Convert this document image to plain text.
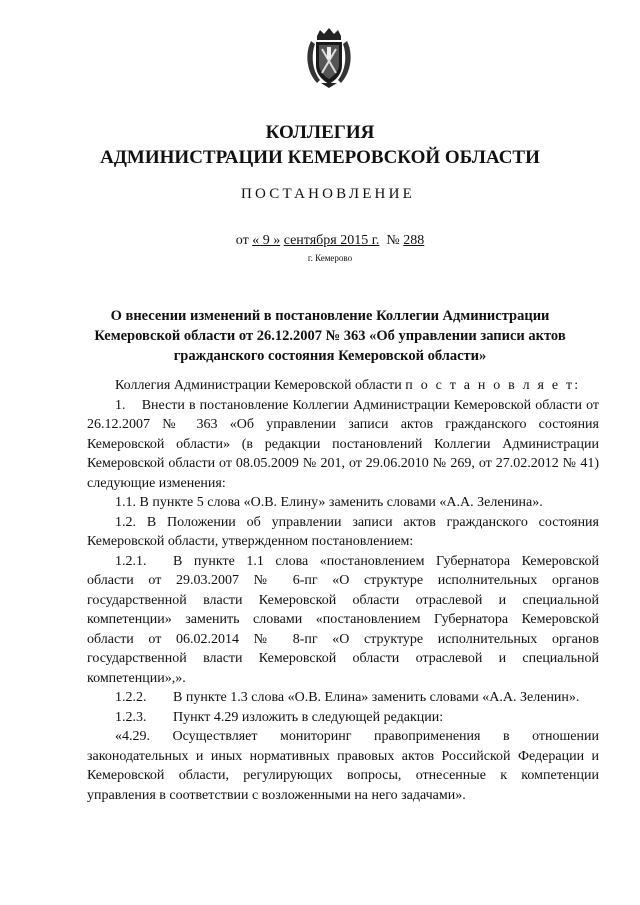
КОЛЛЕГИЯ
АДМИНИСТРАЦИИ КЕМЕРОВСКОЙ ОБЛАСТИ
ПОСТАНОВЛЕНИЕ
от « 9 » сентября 2015 г. № 288
г. Кемерово
О внесении изменений в постановление Коллегии Администрации Кемеровской области от 26.12.2007 № 363 «Об управлении записи актов гражданского состояния Кемеровской области»

Коллегия Администрации Кемеровской области п о с т а н о в л я е т:

1.    Внести в постановление Коллегии Администрации Кемеровской области от 26.12.2007 № 363 «Об управлении записи актов гражданского состояния Кемеровской области» (в редакции постановлений Коллегии Администрации Кемеровской области от 08.05.2009 № 201, от 29.06.2010 № 269, от 27.02.2012 № 41) следующие изменения:

1.1. В пункте 5 слова «О.В. Елину» заменить словами «А.А. Зеленина».

1.2. В Положении об управлении записи актов гражданского состояния Кемеровской области, утвержденном постановлением:

1.2.1. В пункте 1.1 слова «постановлением Губернатора Кемеровской области от 29.03.2007 № 6-пг «О структуре исполнительных органов государственной власти Кемеровской области отраслевой и специальной компетенции» заменить словами «постановлением Губернатора Кемеровской области от 06.02.2014 № 8-пг «О структуре исполнительных органов государственной власти Кемеровской области отраслевой и специальной компетенции»,».

1.2.2. В пункте 1.3 слова «О.В. Елина» заменить словами «А.А. Зеленин».

1.2.3. Пункт 4.29 изложить в следующей редакции:

«4.29. Осуществляет мониторинг правоприменения в отношении законодательных и иных нормативных правовых актов Российской Федерации и Кемеровской области, регулирующих вопросы, отнесенные к компетенции управления в соответствии с возложенными на него задачами».
